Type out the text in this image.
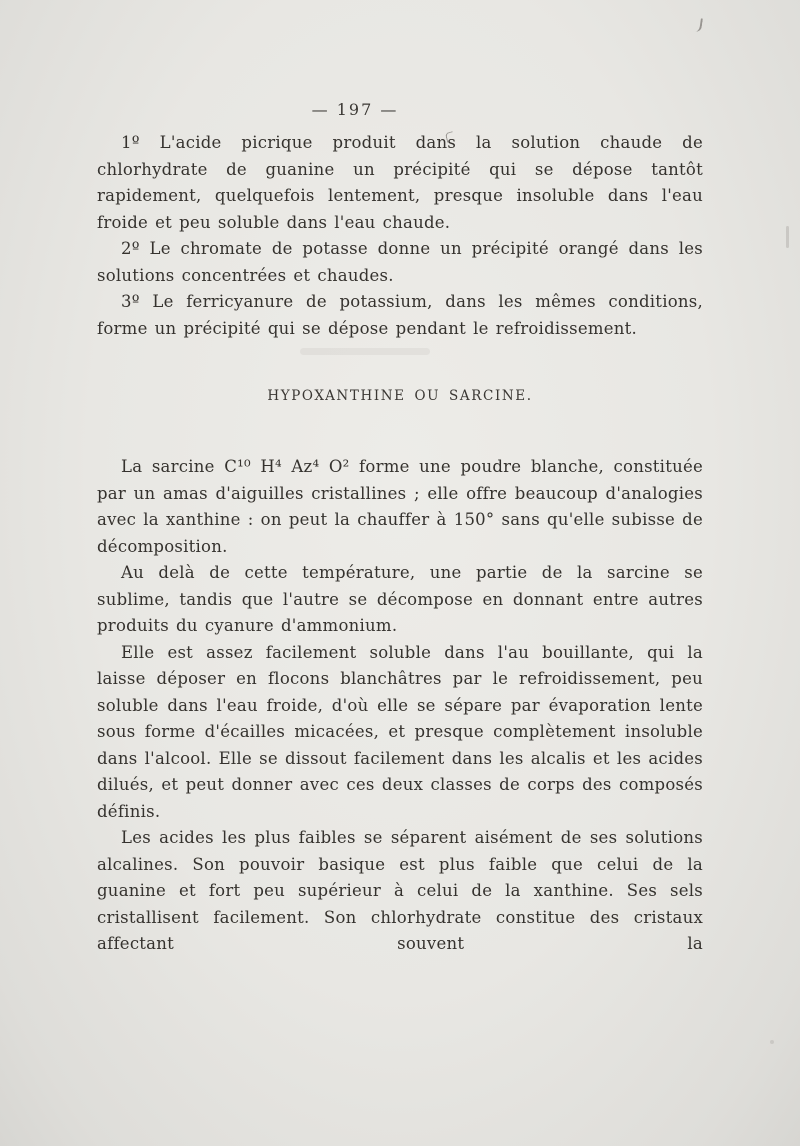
— 197 —

1º L'acide picrique produit dans la solution chaude de chlorhydrate de guanine un précipité qui se dépose tantôt rapidement, quelquefois lentement, presque insoluble dans l'eau froide et peu soluble dans l'eau chaude.

2º Le chromate de potasse donne un précipité orangé dans les solutions concentrées et chaudes.

3º Le ferricyanure de potassium, dans les mêmes conditions, forme un précipité qui se dépose pendant le refroidissement.

HYPOXANTHINE OU SARCINE.

La sarcine C¹⁰ H⁴ Az⁴ O² forme une poudre blanche, constituée par un amas d'aiguilles cristallines ; elle offre beaucoup d'analogies avec la xanthine : on peut la chauffer à 150° sans qu'elle subisse de décomposition.

Au delà de cette température, une partie de la sarcine se sublime, tandis que l'autre se décompose en donnant entre autres produits du cyanure d'ammonium.

Elle est assez facilement soluble dans l'au bouillante, qui la laisse déposer en flocons blanchâtres par le refroidissement, peu soluble dans l'eau froide, d'où elle se sépare par évaporation lente sous forme d'écailles micacées, et presque complètement insoluble dans l'alcool. Elle se dissout facilement dans les alcalis et les acides dilués, et peut donner avec ces deux classes de corps des composés définis.

Les acides les plus faibles se séparent aisément de ses solutions alcalines. Son pouvoir basique est plus faible que celui de la guanine et fort peu supérieur à celui de la xanthine. Ses sels cristallisent facilement. Son chlorhydrate constitue des cristaux affectant souvent la
